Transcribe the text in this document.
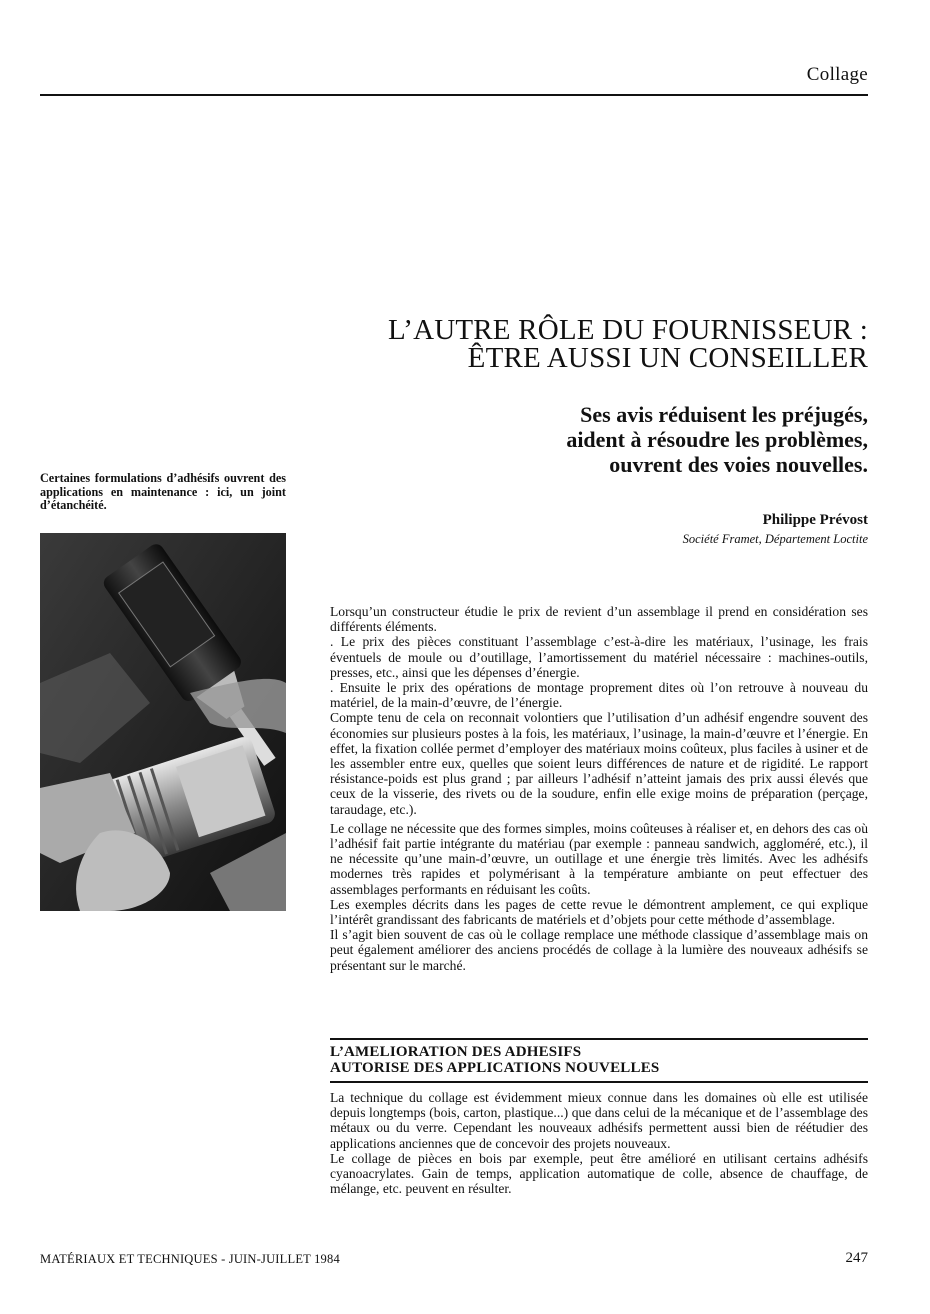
Collage
L’AUTRE RÔLE DU FOURNISSEUR :
ÊTRE AUSSI UN CONSEILLER
Ses avis réduisent les préjugés,
aident à résoudre les problèmes,
ouvrent des voies nouvelles.
Philippe Prévost
Société Framet, Département Loctite
Certaines formulations d’adhésifs ouvrent des applications en maintenance : ici, un joint d’étanchéité.

Lorsqu’un constructeur étudie le prix de revient d’un assemblage il prend en considération ses différents éléments.

. Le prix des pièces constituant l’assemblage c’est-à-dire les matériaux, l’usinage, les frais éventuels de moule ou d’outillage, l’amortissement du matériel nécessaire : machines-outils, presses, etc., ainsi que les dépenses d’énergie.

. Ensuite le prix des opérations de montage proprement dites où l’on retrouve à nouveau du matériel, de la main-d’œuvre, de l’énergie.

Compte tenu de cela on reconnait volontiers que l’utilisation d’un adhésif engendre souvent des économies sur plusieurs postes à la fois, les matériaux, l’usinage, la main-d’œuvre et l’énergie. En effet, la fixation collée permet d’employer des matériaux moins coûteux, plus faciles à usiner et de les assembler entre eux, quelles que soient leurs différences de nature et de rigidité. Le rapport résistance-poids est plus grand ; par ailleurs l’adhésif n’atteint jamais des prix aussi élevés que ceux de la visserie, des rivets ou de la soudure, enfin elle exige moins de préparation (perçage, taraudage, etc.).

Le collage ne nécessite que des formes simples, moins coûteuses à réaliser et, en dehors des cas où l’adhésif fait partie intégrante du matériau (par exemple : panneau sandwich, aggloméré, etc.), il ne nécessite qu’une main-d’œuvre, un outillage et une énergie très limités. Avec les adhésifs modernes très rapides et polymérisant à la température ambiante on peut effectuer des assemblages performants en réduisant les coûts.

Les exemples décrits dans les pages de cette revue le démontrent amplement, ce qui explique l’intérêt grandissant des fabricants de matériels et d’objets pour cette méthode d’assemblage.

Il s’agit bien souvent de cas où le collage remplace une méthode classique d’assemblage mais on peut également améliorer des anciens procédés de collage à la lumière des nouveaux adhésifs se présentant sur le marché.

L’AMELIORATION DES ADHESIFS
AUTORISE DES APPLICATIONS NOUVELLES

La technique du collage est évidemment mieux connue dans les domaines où elle est utilisée depuis longtemps (bois, carton, plastique...) que dans celui de la mécanique et de l’assemblage des métaux ou du verre. Cependant les nouveaux adhésifs permettent aussi bien de réétudier des applications anciennes que de concevoir des projets nouveaux.

Le collage de pièces en bois par exemple, peut être amélioré en utilisant certains adhésifs cyanoacrylates. Gain de temps, application automatique de colle, absence de chauffage, de mélange, etc. peuvent en résulter.

MATÉRIAUX ET TECHNIQUES - JUIN-JUILLET 1984	247
